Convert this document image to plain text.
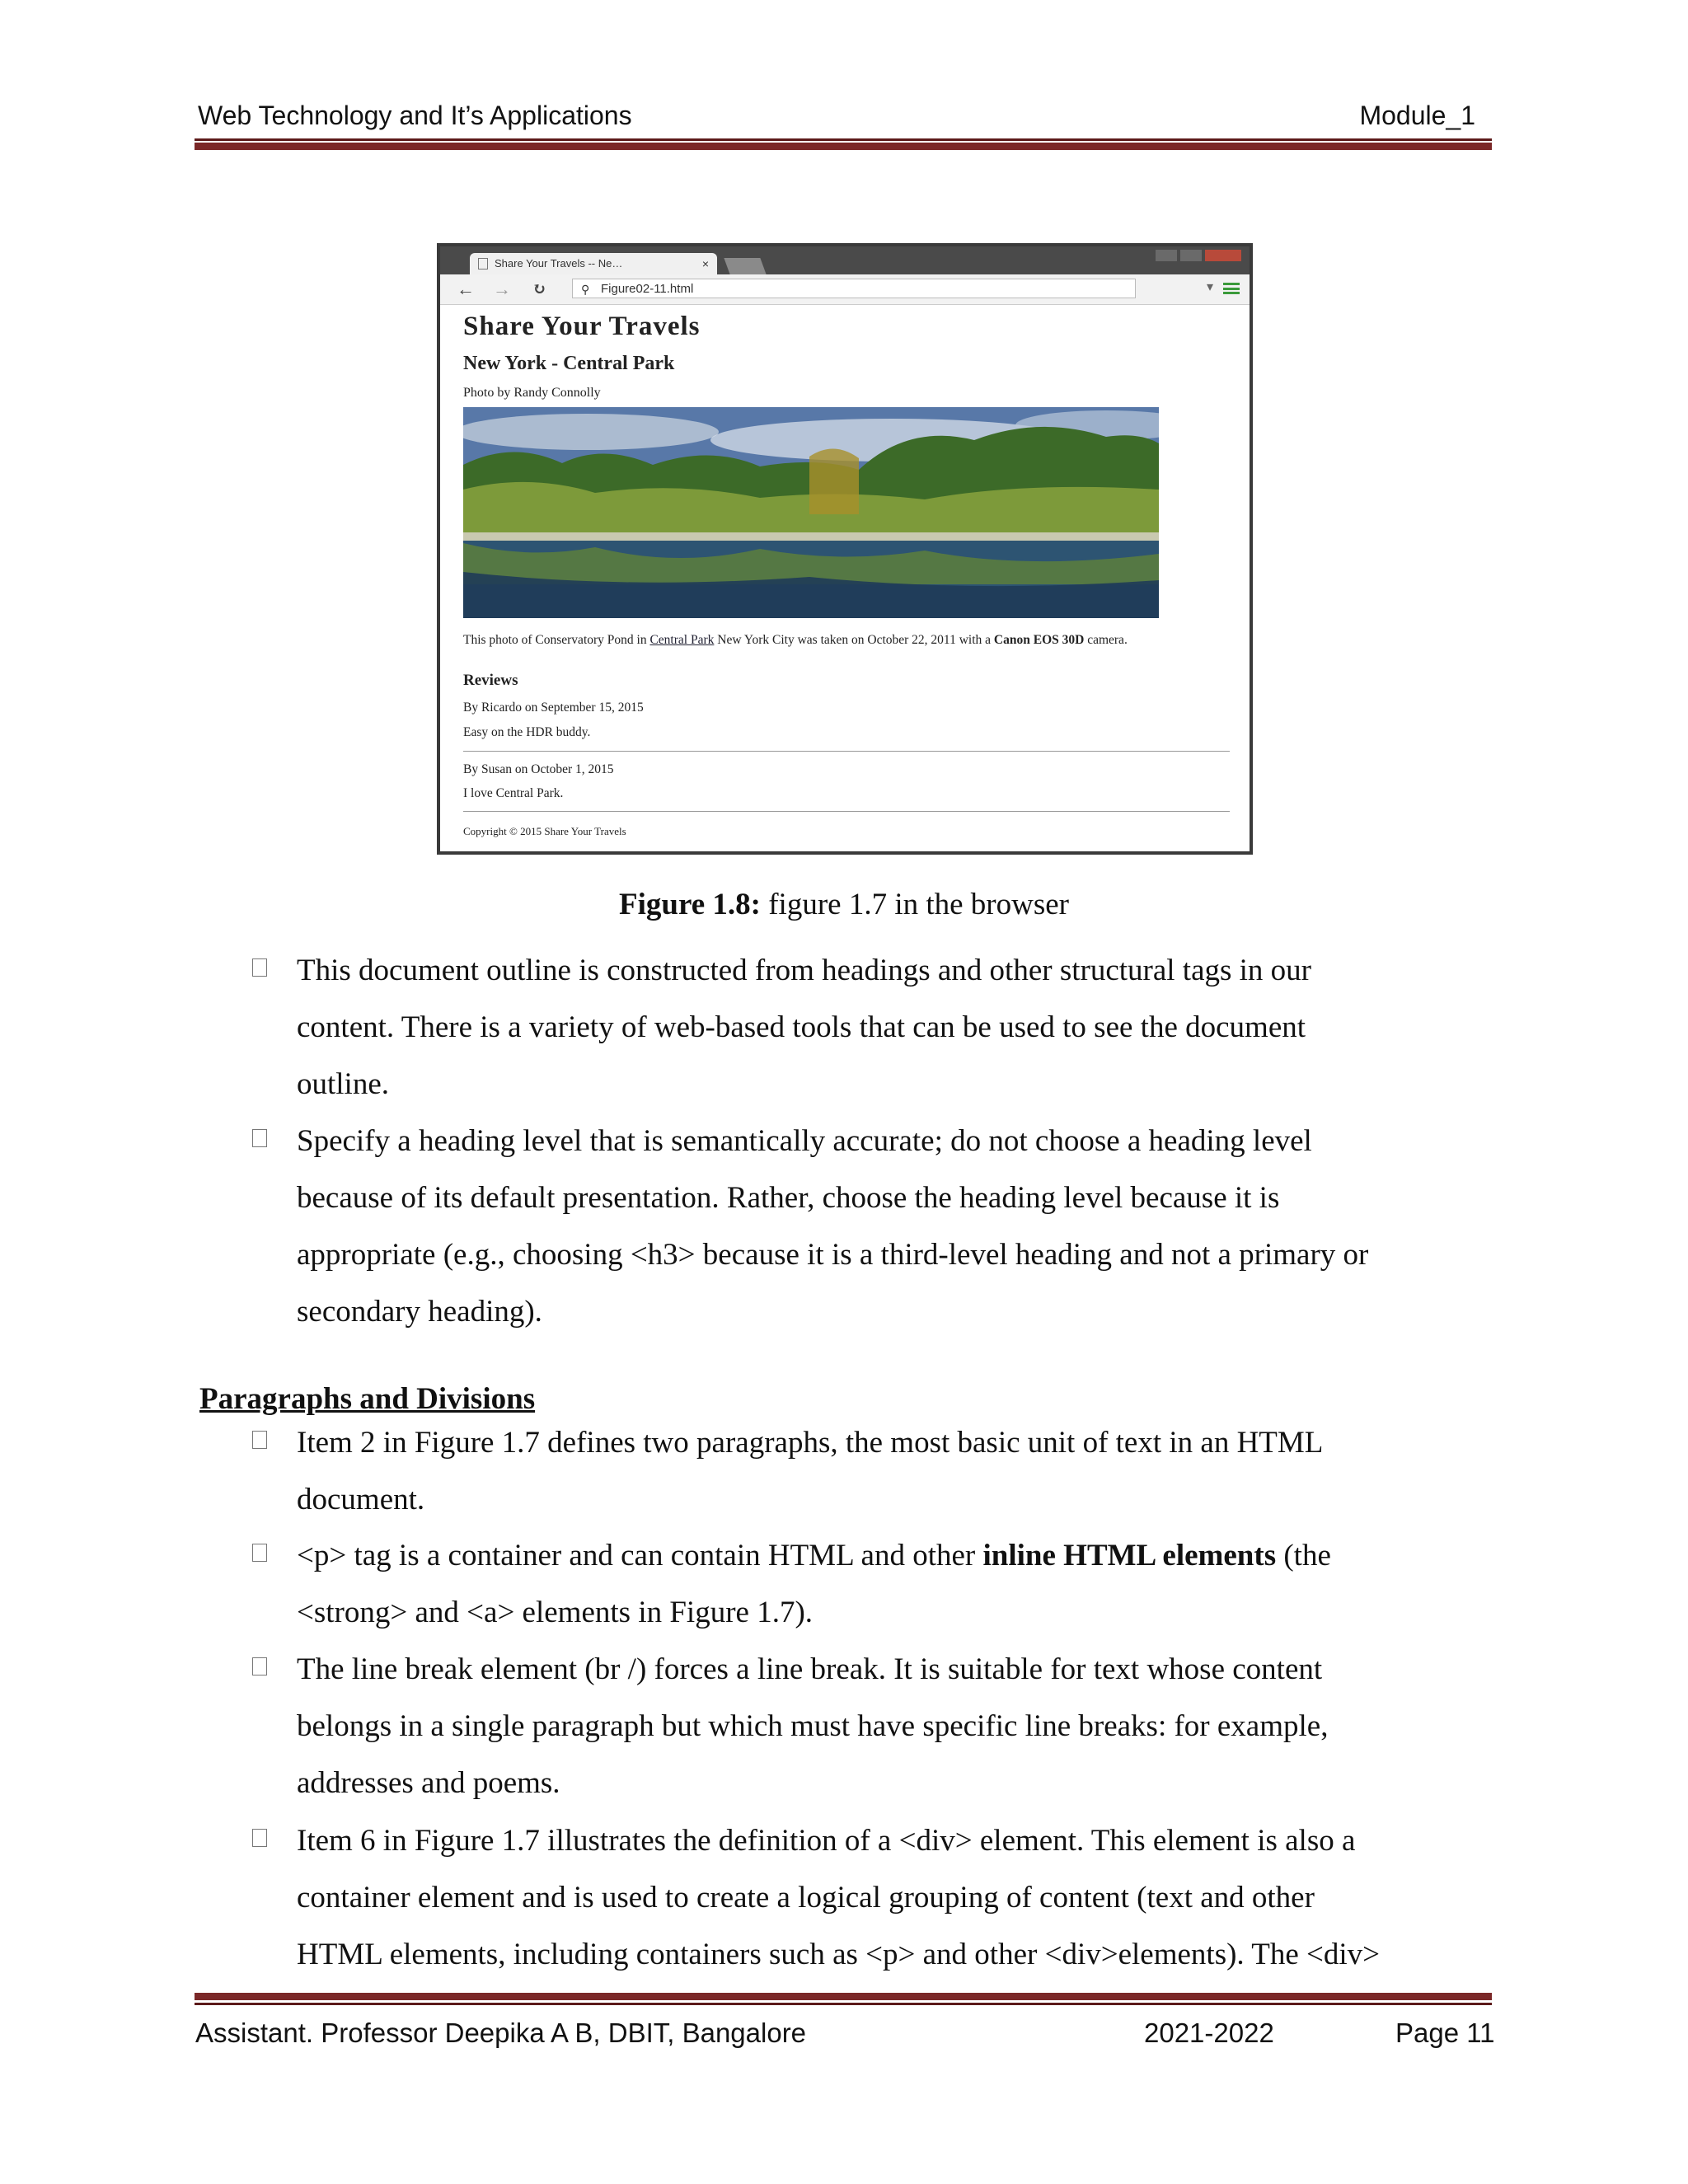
Web Technology and It’s Applications	Module_1
Share Your Travels -- Ne…	×
← → ↻	⚲ Figure02-11.html	▾
Share Your Travels
New York - Central Park
Photo by Randy Connolly
This photo of Conservatory Pond in Central Park New York City was taken on October 22, 2011 with a Canon EOS 30D camera.
Reviews
By Ricardo on September 15, 2015
Easy on the HDR buddy.
By Susan on October 1, 2015
I love Central Park.
Copyright © 2015 Share Your Travels
Figure 1.8: figure 1.7 in the browser
This document outline is constructed from headings and other structural tags in our
content. There is a variety of web-based tools that can be used to see the document
outline.
Specify a heading level that is semantically accurate; do not choose a heading level
because of its default presentation. Rather, choose the heading level because it is
appropriate (e.g., choosing <h3> because it is a third-level heading and not a primary or
secondary heading).
Paragraphs and Divisions
Item 2 in Figure 1.7 defines two paragraphs, the most basic unit of text in an HTML
document.
<p> tag is a container and can contain HTML and other inline HTML elements (the
<strong> and <a> elements in Figure 1.7).
The line break element (br /) forces a line break. It is suitable for text whose content
belongs in a single paragraph but which must have specific line breaks: for example,
addresses and poems.
Item 6 in Figure 1.7 illustrates the definition of a <div> element. This element is also a
container element and is used to create a logical grouping of content (text and other
HTML elements, including containers such as <p> and other <div>elements). The <div>
Assistant. Professor Deepika A B, DBIT, Bangalore	2021-2022	Page 11
